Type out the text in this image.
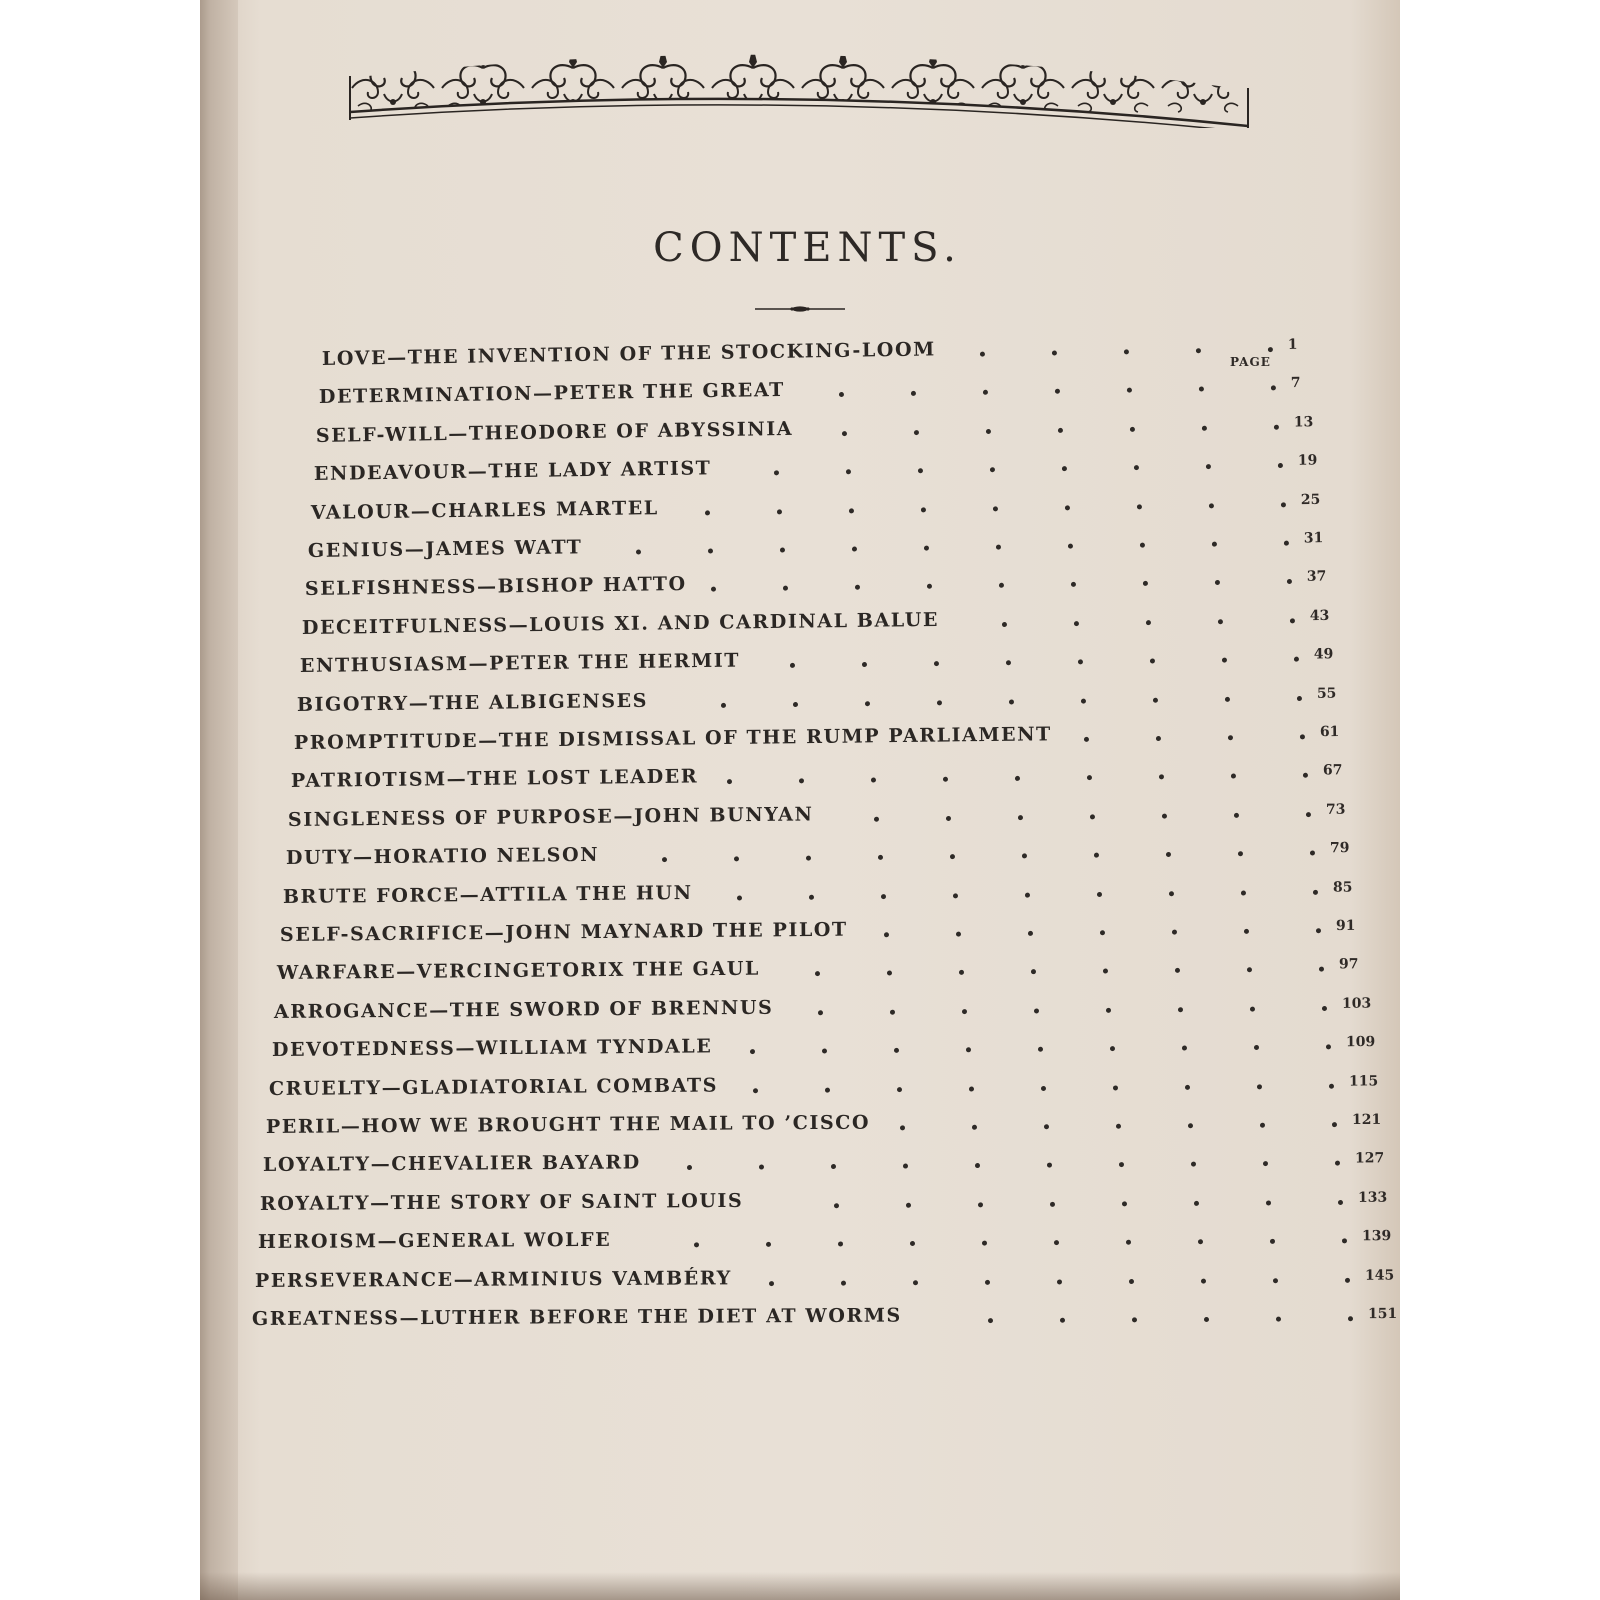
CONTENTS.
PAGE
LOVE—THE INVENTION OF THE STOCKING-LOOM	1
DETERMINATION—PETER THE GREAT	7
SELF-WILL—THEODORE OF ABYSSINIA	13
ENDEAVOUR—THE LADY ARTIST	19
VALOUR—CHARLES MARTEL	25
GENIUS—JAMES WATT	31
SELFISHNESS—BISHOP HATTO	37
DECEITFULNESS—LOUIS XI. AND CARDINAL BALUE	43
ENTHUSIASM—PETER THE HERMIT	49
BIGOTRY—THE ALBIGENSES	55
PROMPTITUDE—THE DISMISSAL OF THE RUMP PARLIAMENT	61
PATRIOTISM—THE LOST LEADER	67
SINGLENESS OF PURPOSE—JOHN BUNYAN	73
DUTY—HORATIO NELSON	79
BRUTE FORCE—ATTILA THE HUN	85
SELF-SACRIFICE—JOHN MAYNARD THE PILOT	91
WARFARE—VERCINGETORIX THE GAUL	97
ARROGANCE—THE SWORD OF BRENNUS	103
DEVOTEDNESS—WILLIAM TYNDALE	109
CRUELTY—GLADIATORIAL COMBATS	115
PERIL—HOW WE BROUGHT THE MAIL TO ’CISCO	121
LOYALTY—CHEVALIER BAYARD	127
ROYALTY—THE STORY OF SAINT LOUIS	133
HEROISM—GENERAL WOLFE	139
PERSEVERANCE—ARMINIUS VAMBÉRY	145
GREATNESS—LUTHER BEFORE THE DIET AT WORMS	151
